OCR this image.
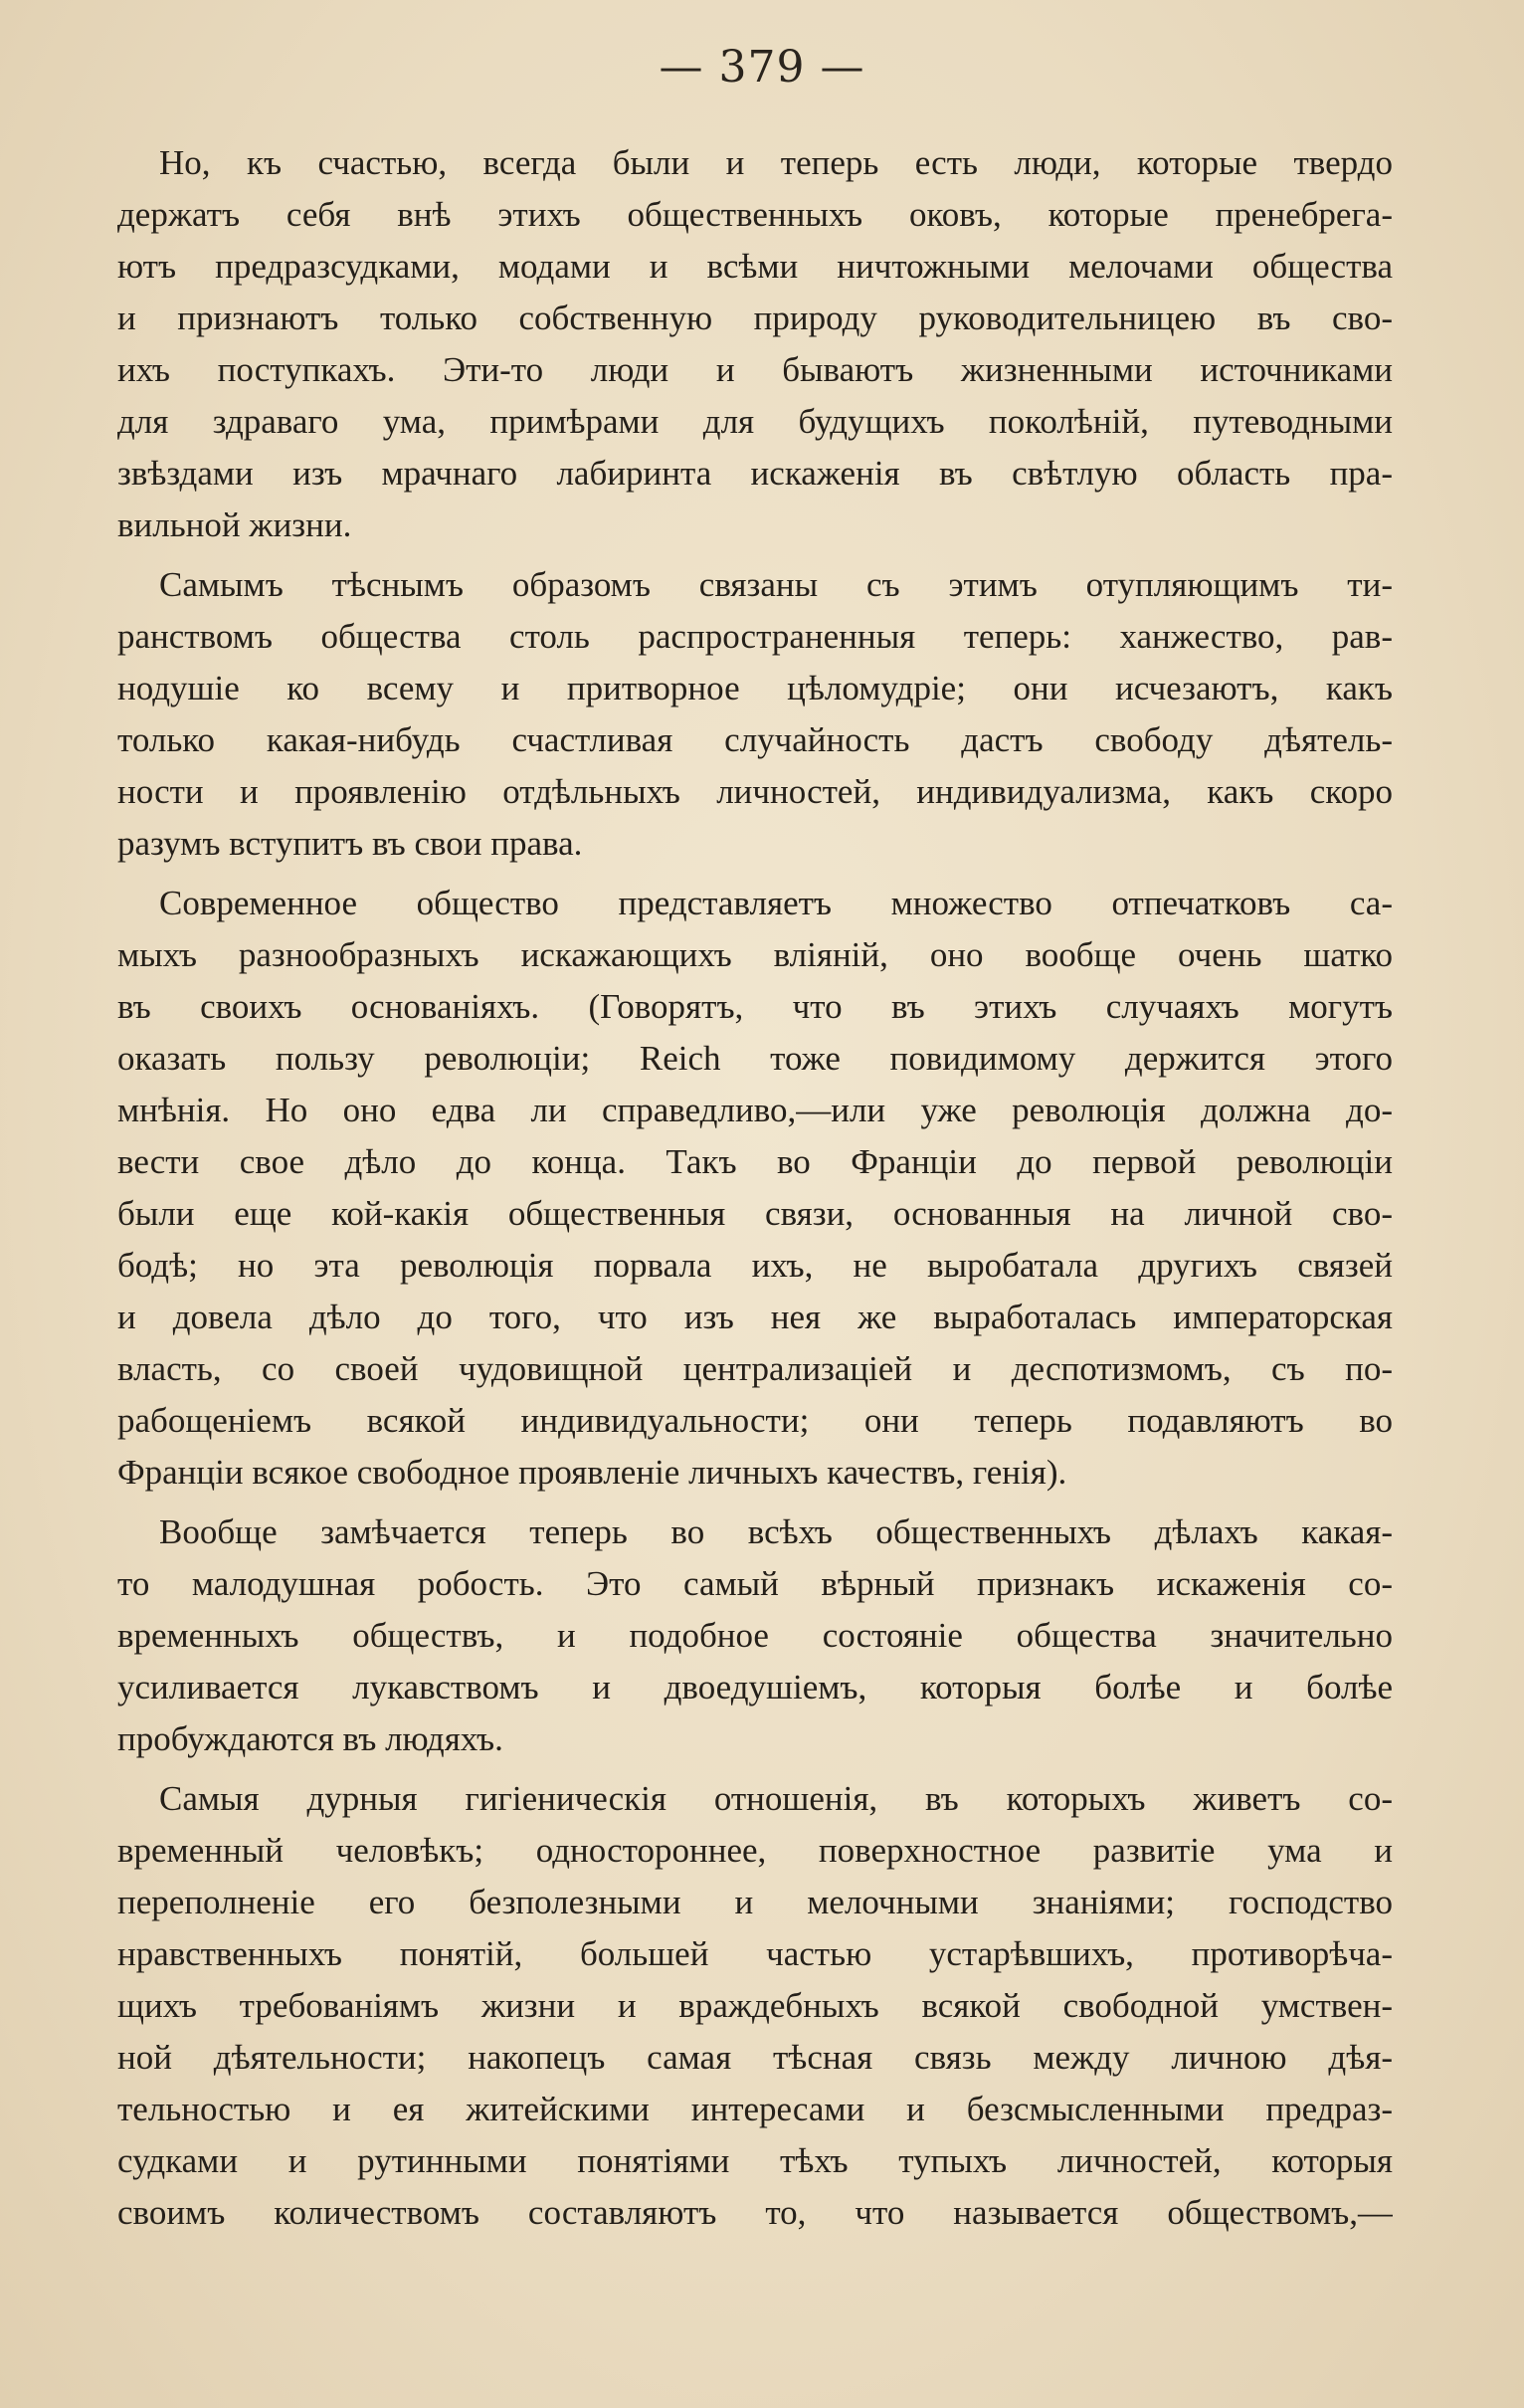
— 379 —
Но, къ счастью, всегда были и теперь есть люди, которые твердо
держатъ себя внѣ этихъ общественныхъ оковъ, которые пренебрега-
ютъ предразсудками, модами и всѣми ничтожными мелочами общества
и признаютъ только собственную природу руководительницею въ сво-
ихъ поступкахъ. Эти-то люди и бываютъ жизненными источниками
для здраваго ума, примѣрами для будущихъ поколѣній, путеводными
звѣздами изъ мрачнаго лабиринта искаженія въ свѣтлую область пра-
вильной жизни.
Самымъ тѣснымъ образомъ связаны съ этимъ отупляющимъ ти-
ранствомъ общества столь распространенныя теперь: ханжество, рав-
нодушіе ко всему и притворное цѣломудріе; они исчезаютъ, какъ
только какая-нибудь счастливая случайность дастъ свободу дѣятель-
ности и проявленію отдѣльныхъ личностей, индивидуализма, какъ скоро
разумъ вступитъ въ свои права.
Современное общество представляетъ множество отпечатковъ са-
мыхъ разнообразныхъ искажающихъ вліяній, оно вообще очень шатко
въ своихъ основаніяхъ. (Говорятъ, что въ этихъ случаяхъ могутъ
оказать пользу революціи; Reich тоже повидимому держится этого
мнѣнія. Но оно едва ли справедливо,—или уже революція должна до-
вести свое дѣло до конца. Такъ во Франціи до первой революціи
были еще кой-какія общественныя связи, основанныя на личной сво-
бодѣ; но эта революція порвала ихъ, не выробатала другихъ связей
и довела дѣло до того, что изъ нея же выработалась императорская
власть, со своей чудовищной централизаціей и деспотизмомъ, съ по-
рабощеніемъ всякой индивидуальности; они теперь подавляютъ во
Франціи всякое свободное проявленіе личныхъ качествъ, генія).
Вообще замѣчается теперь во всѣхъ общественныхъ дѣлахъ какая-
то малодушная робость. Это самый вѣрный признакъ искаженія со-
временныхъ обществъ, и подобное состояніе общества значительно
усиливается лукавствомъ и двоедушіемъ, которыя болѣе и болѣе
пробуждаются въ людяхъ.
Самыя дурныя гигіеническія отношенія, въ которыхъ живетъ со-
временный человѣкъ; одностороннее, поверхностное развитіе ума и
переполненіе его безполезными и мелочными знаніями; господство
нравственныхъ понятій, большей частью устарѣвшихъ, противорѣча-
щихъ требованіямъ жизни и враждебныхъ всякой свободной умствен-
ной дѣятельности; накопецъ самая тѣсная связь между личною дѣя-
тельностью и ея житейскими интересами и безсмысленными предраз-
судками и рутинными понятіями тѣхъ тупыхъ личностей, которыя
своимъ количествомъ составляютъ то, что называется обществомъ,—
